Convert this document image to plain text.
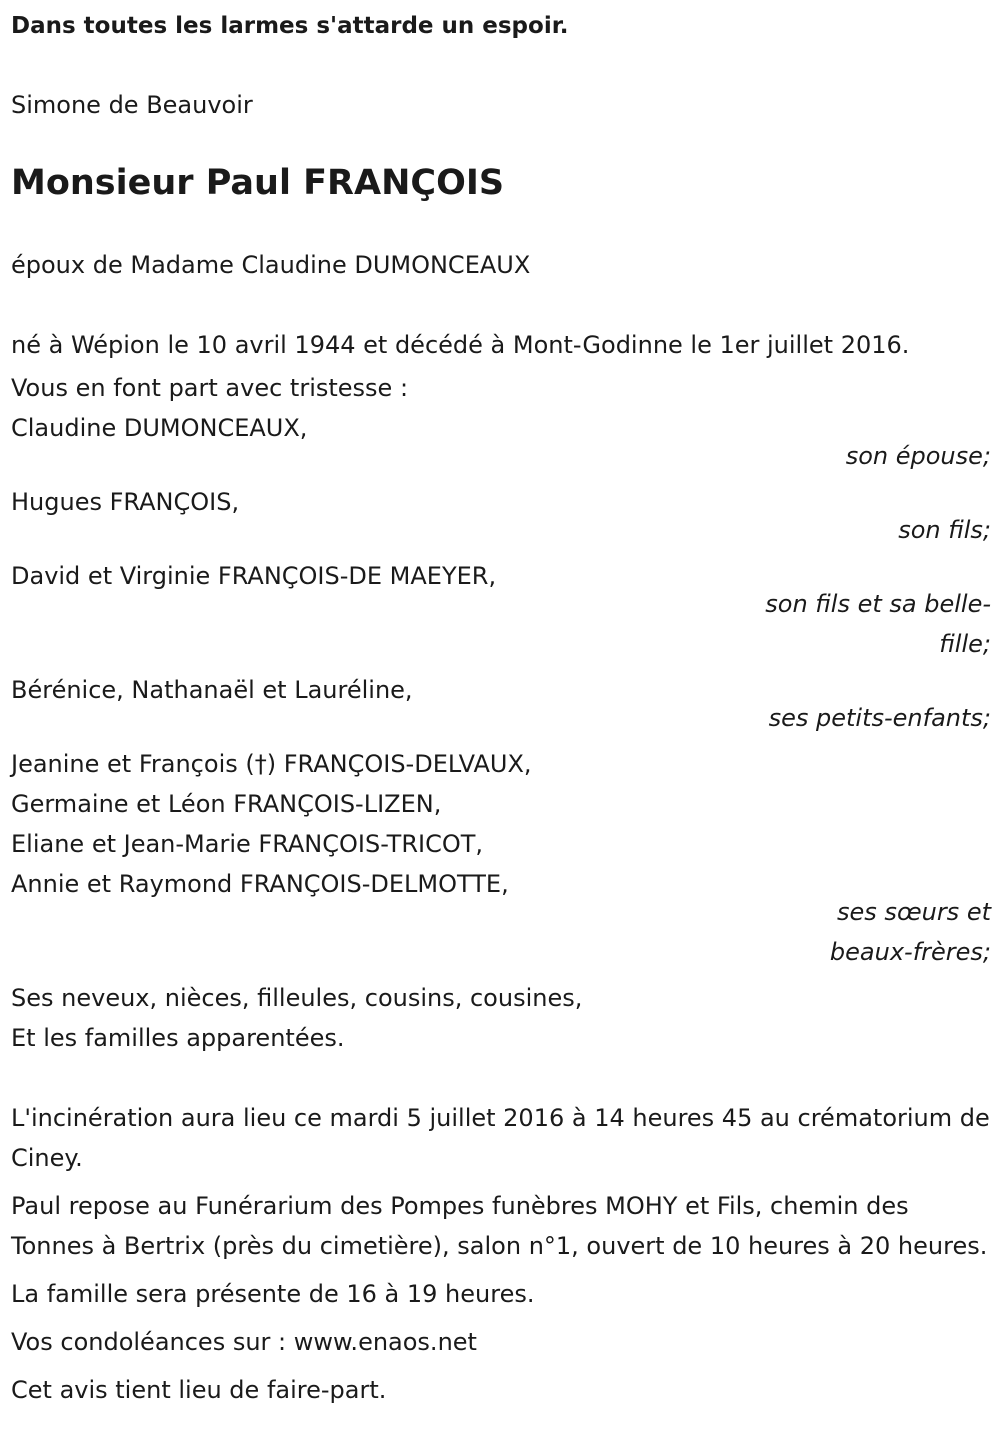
Dans toutes les larmes s'attarde un espoir.
Simone de Beauvoir
Monsieur Paul FRANÇOIS
époux de Madame Claudine DUMONCEAUX
né à Wépion le 10 avril 1944 et décédé à Mont-Godinne le 1er juillet 2016.
Vous en font part avec tristesse :
Claudine DUMONCEAUX,
son épouse;
Hugues FRANÇOIS,
son fils;
David et Virginie FRANÇOIS-DE MAEYER,
son fils et sa belle-fille;
Bérénice, Nathanaël et Lauréline,
ses petits-enfants;
Jeanine et François (†) FRANÇOIS-DELVAUX,
Germaine et Léon FRANÇOIS-LIZEN,
Eliane et Jean-Marie FRANÇOIS-TRICOT,
Annie et Raymond FRANÇOIS-DELMOTTE,
ses sœurs et beaux-frères;
Ses neveux, nièces, filleules, cousins, cousines,
Et les familles apparentées.
L'incinération aura lieu ce mardi 5 juillet 2016 à 14 heures 45 au crématorium de Ciney.
Paul repose au Funérarium des Pompes funèbres MOHY et Fils, chemin des Tonnes à Bertrix (près du cimetière), salon n°1, ouvert de 10 heures à 20 heures.
La famille sera présente de 16 à 19 heures.
Vos condoléances sur : www.enaos.net
Cet avis tient lieu de faire-part.
